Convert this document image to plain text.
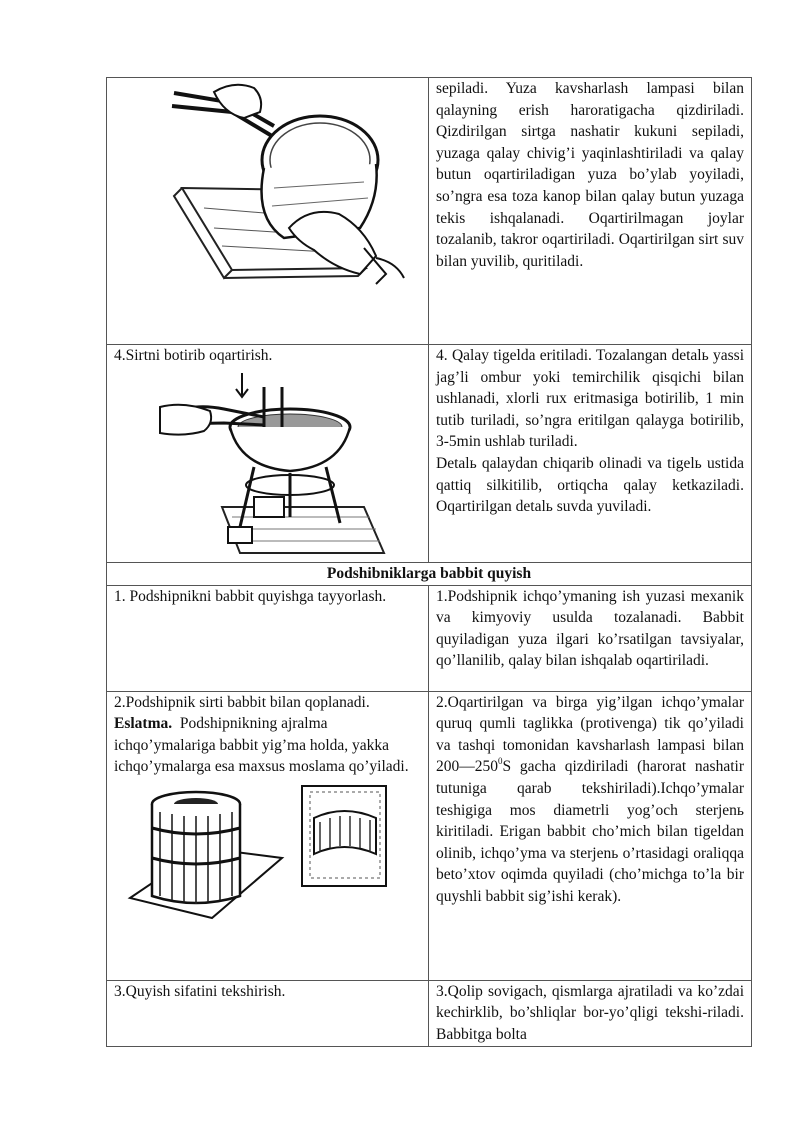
	sepiladi. Yuza kavsharlash lampasi bilan qalayning erish haroratigacha qizdiriladi. Qizdirilgan sirtga nashatir kukuni sepiladi, yuzaga qalay chivig’i yaqinlashtiriladi va qalay butun oqartiriladigan yuza bo’ylab yoyiladi, so’ngra esa toza kanop bilan qalay butun yuzaga tekis ishqalanadi. Oqartirilmagan joylar tozalanib, takror oqartiriladi. Oqartirilgan sirt suv bilan yuvilib, quritiladi.

4.Sirtni botirib oqartirish.	4. Qalay tigelda eritiladi. Tozalangan detalь yassi jag’li ombur yoki temirchilik qisqichi bilan ushlanadi, xlorli rux eritmasiga botirilib, 1 min tutib turiladi, so’ngra eritilgan qalayga botirilib, 3-5min ushlab turiladi.

Detalь qalaydan chiqarib olinadi va tigelь ustida qattiq silkitilib, ortiqcha qalay ketkaziladi. Oqartirilgan detalь suvda yuviladi.

Podshibniklarga babbit quyish	
1. Podshipnikni babbit quyishga tayyorlash.	1.Podshipnik ichqo’ymaning ish yuzasi mexanik va kimyoviy usulda tozalanadi. Babbit quyiladigan yuza ilgari ko’rsatilgan tavsiyalar, qo’llanilib, qalay bilan ishqalab oqartiriladi.

2.Podshipnik sirti babbit bilan qoplanadi.

Eslatma. Podshipnikning ajralma ichqo’ymalariga babbit yig’ma holda, yakka ichqo’ymalarga esa maxsus moslama qo’yiladi.	2.Oqartirilgan va birga yig’ilgan ichqo’ymalar quruq qumli taglikka (protivenga) tik qo’yiladi va tashqi tomonidan kavsharlash lampasi bilan $200—250^0S$ gacha qizdiriladi (harorat nashatir tutuniga qarab tekshiriladi).Ichqo’ymalar teshigiga mos diametrli yog’och sterjenь kiritiladi. Erigan babbit cho’mich bilan tigeldan olinib, ichqo’yma va sterjenь o’rtasidagi oraliqqa beto’xtov oqimda quyiladi (cho’michga to’la bir quyshli babbit sig’ishi kerak).
3.Quyish sifatini tekshirish.	3.Qolip sovigach, qismlarga ajratiladi va ko’zdai kechirklib, bo’shliqlar bor-yo’qligi tekshi-riladi. Babbitga bolta
